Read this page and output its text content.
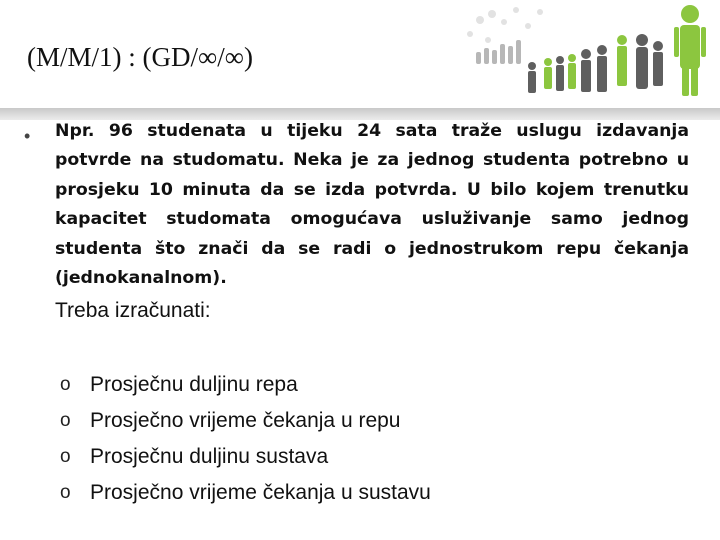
(M/M/1) : (GD/∞/∞)
• Npr. 96 studenata u tijeku 24 sata traže uslugu izdavanja potvrde na studomatu. Neka je za jednog studenta potrebno u prosjeku 10 minuta da se izda potvrda. U bilo kojem trenutku kapacitet studomata omogućava usluživanje samo jednog studenta što znači da se radi o jednostrukom repu čekanja (jednokanalnom).
Treba izračunati:
o Prosječnu duljinu repa
o Prosječno vrijeme čekanja u repu
o Prosječnu duljinu sustava
o Prosječno vrijeme čekanja u sustavu
